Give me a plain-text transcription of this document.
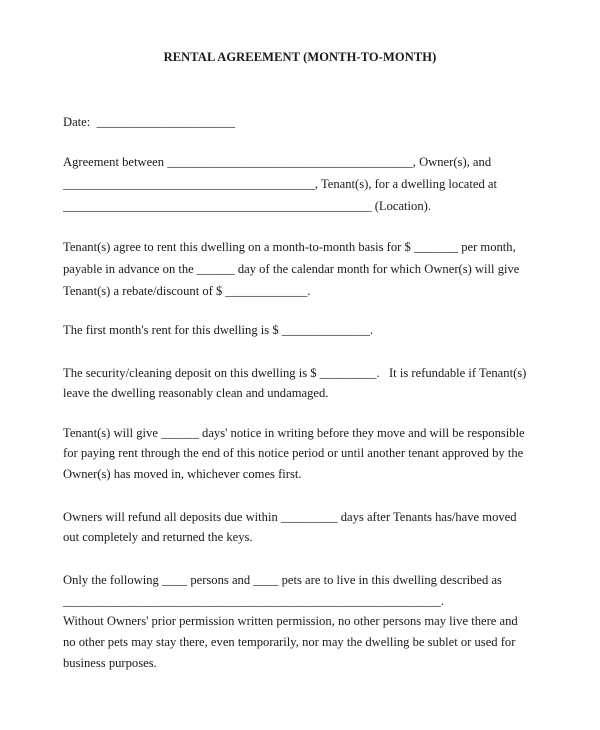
RENTAL AGREEMENT (MONTH-TO-MONTH)
Date:  ______________________
Agreement between _______________________________________, Owner(s), and
________________________________________, Tenant(s), for a dwelling located at
_________________________________________________ (Location).
Tenant(s) agree to rent this dwelling on a month-to-month basis for $ _______ per month,
payable in advance on the ______ day of the calendar month for which Owner(s) will give
Tenant(s) a rebate/discount of $ _____________.
The first month's rent for this dwelling is $ ______________.
The security/cleaning deposit on this dwelling is $ _________.   It is refundable if Tenant(s)
leave the dwelling reasonably clean and undamaged.
Tenant(s) will give ______ days' notice in writing before they move and will be responsible
for paying rent through the end of this notice period or until another tenant approved by the
Owner(s) has moved in, whichever comes first.
Owners will refund all deposits due within _________ days after Tenants has/have moved
out completely and returned the keys.
Only the following ____ persons and ____ pets are to live in this dwelling described as
____________________________________________________________.
Without Owners' prior permission written permission, no other persons may live there and
no other pets may stay there, even temporarily, nor may the dwelling be sublet or used for
business purposes.
